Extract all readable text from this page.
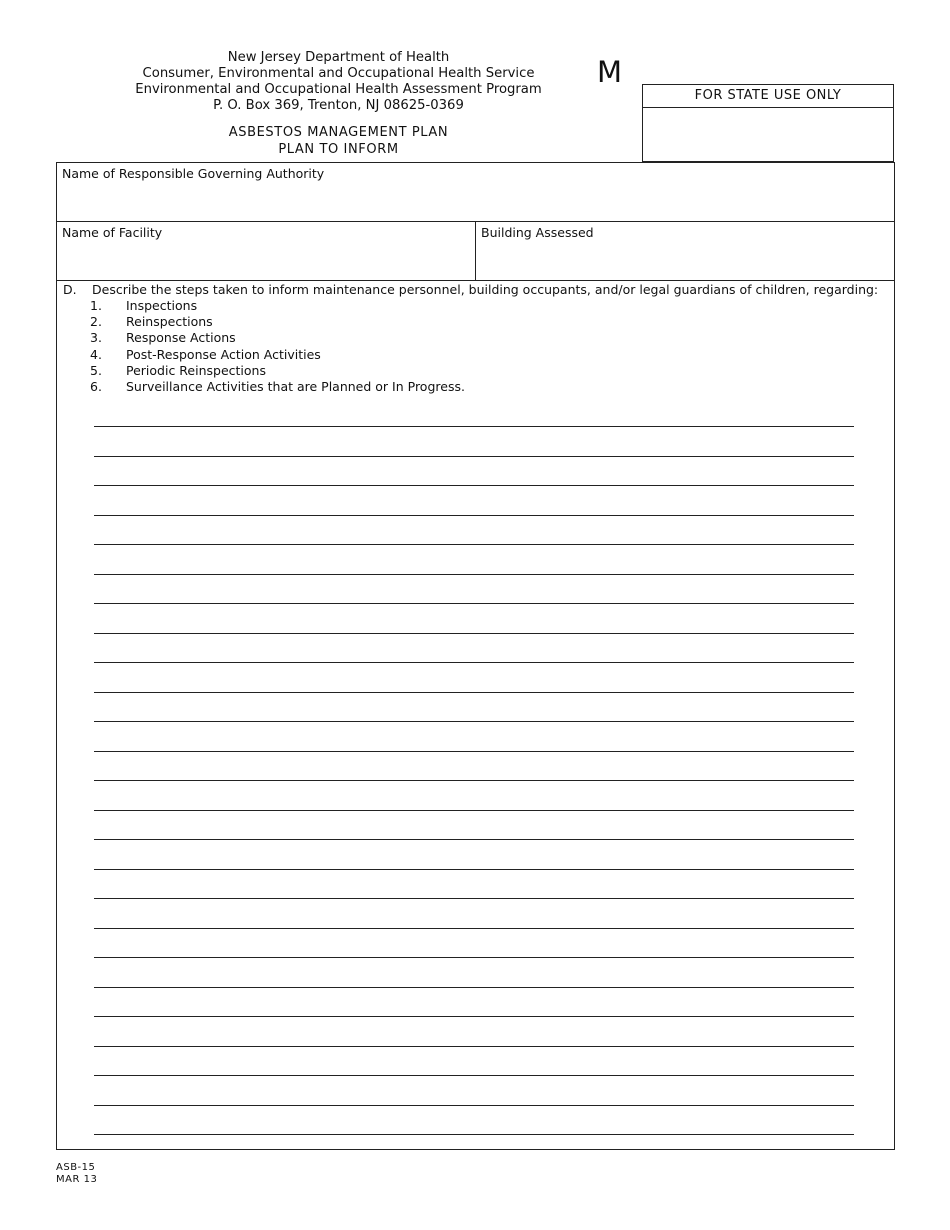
New Jersey Department of Health
Consumer, Environmental and Occupational Health Service
Environmental and Occupational Health Assessment Program
P. O. Box 369, Trenton, NJ 08625-0369
ASBESTOS MANAGEMENT PLAN
PLAN TO INFORM
M
FOR STATE USE ONLY
Name of Responsible Governing Authority
Name of Facility	Building Assessed
D. Describe the steps taken to inform maintenance personnel, building occupants, and/or legal guardians of children, regarding:
1. Inspections
2. Reinspections
3. Response Actions
4. Post-Response Action Activities
5. Periodic Reinspections
6. Surveillance Activities that are Planned or In Progress.
ASB-15
MAR 13
